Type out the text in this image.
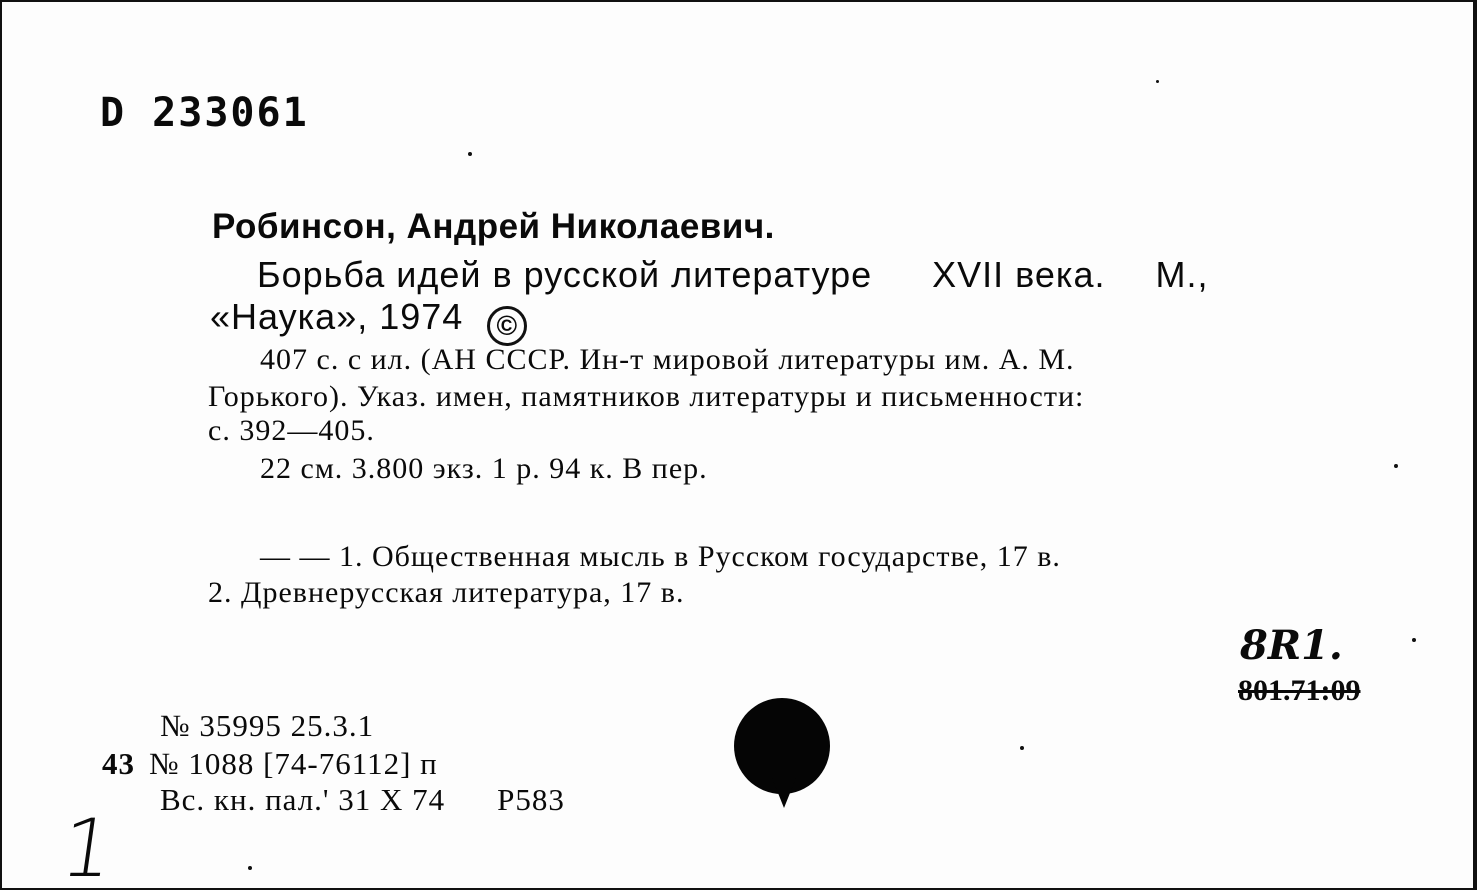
D 233061
Робинсон, Андрей Николаевич.
Борьба идей в русской литературе XVII века. М.,
«Наука», 1974 ©
407 с. с ил. (АН СССР. Ин-т мировой литературы им. А. М.
Горького). Указ. имен, памятников литературы и письменности:
с. 392—405.
22 см. 3.800 экз. 1 р. 94 к. В пер.
— — 1. Общественная мысль в Русском государстве, 17 в.
2. Древнерусская литература, 17 в.
8R1.
801.71:09
№ 35995 25.3.1
43 № 1088 [74-76112] п
Вс. кн. пал.' 31 X 74 Р583
1
